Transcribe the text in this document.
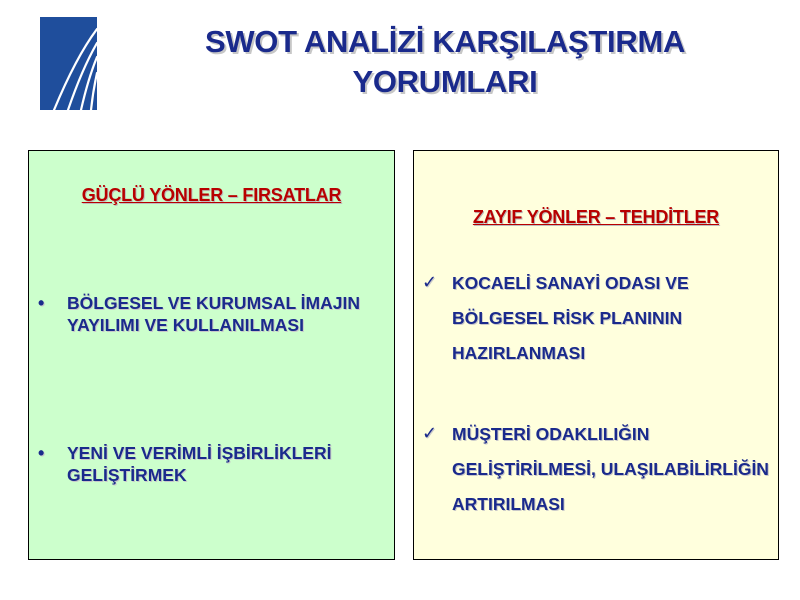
SWOT ANALİZİ KARŞILAŞTIRMA
YORUMLARI
GÜÇLÜ YÖNLER – FIRSATLAR
• BÖLGESEL VE KURUMSAL İMAJIN YAYILIMI VE KULLANILMASI
• YENİ VE VERİMLİ İŞBİRLİKLERİ GELİŞTİRMEK
ZAYIF YÖNLER – TEHDİTLER
✓ KOCAELİ SANAYİ ODASI VE BÖLGESEL RİSK PLANININ HAZIRLANMASI
✓ MÜŞTERİ ODAKLILIĞIN GELİŞTİRİLMESİ, ULAŞILABİLİRLİĞİN ARTIRILMASI
